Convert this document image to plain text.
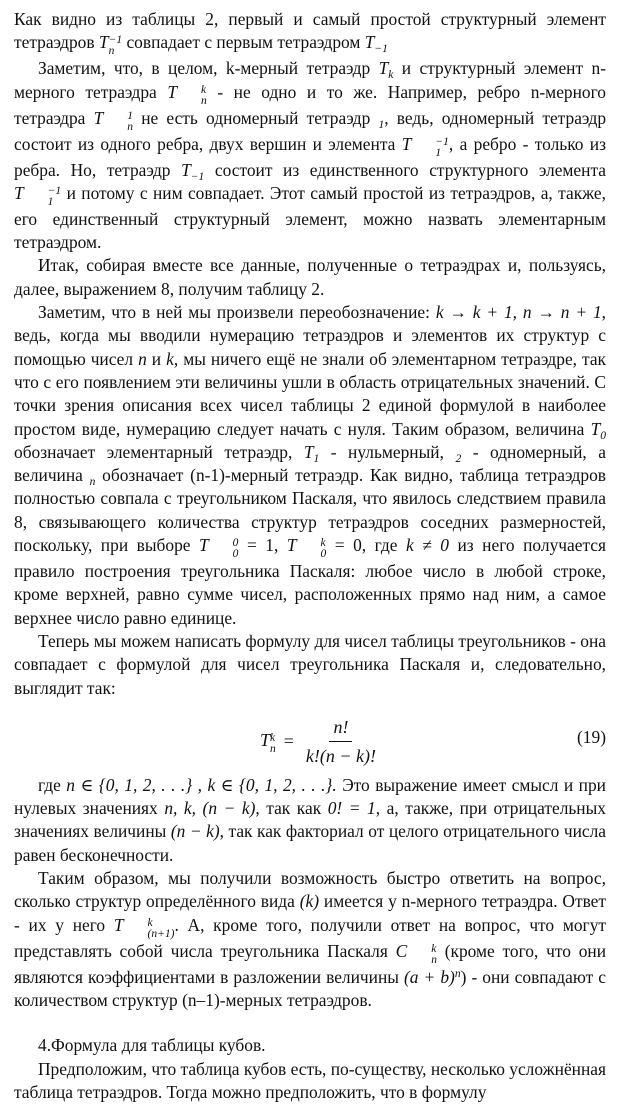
Как видно из таблицы 2, первый и самый простой структурный элемент тетраэдров T −1
n совпадает с первым тетраэдром $T_{-1}$

Заметим, что, в целом, k-мерный тетраэдр $T_k$ и структурный элемент n-мерного тетраэдра T	k
n - не одно и то же. Например, ребро n-мерного тетраэдра T	1
n не есть одномерный тетраэдр $_1$, ведь, одномерный тетраэдр состоит из одного ребра, двух вершин и элемента T	−1
1 , а ребро - только из ребра. Но, тетраэдр $T_{-1}$ состоит из единственного структурного элемента T	−1
1 и потому с ним совпадает. Этот самый простой из тетраэдров, а, также, его единственный структурный элемент, можно назвать элементарным тетраэдром.

Итак, собирая вместе все данные, полученные о тетраэдрах и, пользуясь, далее, выражением 8, получим таблицу 2.

Заметим, что в ней мы произвели переобозначение: k → k + 1, n → n + 1, ведь, когда мы вводили нумерацию тетраэдров и элементов их структур с помощью чисел n и k, мы ничего ещё не знали об элементарном тетраэдре, так что с его появлением эти величины ушли в область отрицательных значений. С точки зрения описания всех чисел таблицы 2 единой формулой в наиболее простом виде, нумерацию следует начать с нуля. Таким образом, величина $T_0$ обозначает элементарный тетраэдр, $T_1$ - нульмерный, $_2$ - одномерный, а величина $_n$ обозначает (n-1)-мерный тетраэдр. Как видно, таблица тетраэдров полностью совпала с треугольником Паскаля, что явилось следствием правила 8, связывающего количества структур тетраэдров соседних размерностей, поскольку, при выборе T	0
0 = 1, T	k
0 = 0, где k ≠ 0 из него получается правило построения треугольника Паскаля: любое число в любой строке, кроме верхней, равно сумме чисел, расположенных прямо над ним, а самое верхнее число равно единице.

Теперь мы можем написать формулу для чисел таблицы треугольников - она совпадает с формулой для чисел треугольника Паскаля и, следовательно, выглядит так:

T k
$n = \frac{n!}{k!(n - k)!}$	(19)

где n ∈ {0, 1, 2, . . .} , k ∈ {0, 1, 2, . . .}. Это выражение имеет смысл и при нулевых значениях n, k, (n − k), так как 0! = 1, а, также, при отрицательных значениях величины (n − k), так как факториал от целого отрицательного числа равен бесконечности.

Таким образом, мы получили возможность быстро ответить на вопрос, сколько структур определённого вида (k) имеется у n-мерного тетраэдра. Ответ - их у него T	k
(n+1) . А, кроме того, получили ответ на вопрос, что могут представлять собой числа треугольника Паскаля C	k
n (кроме того, что они являются коэффициентами в разложении величины $(a + b)^n$) - они совпадают с количеством структур (n–1)-мерных тетраэдров.

4.Формула для таблицы кубов.

Предположим, что таблица кубов есть, по-существу, несколько усложнённая таблица тетраэдров. Тогда можно предположить, что в формулу
